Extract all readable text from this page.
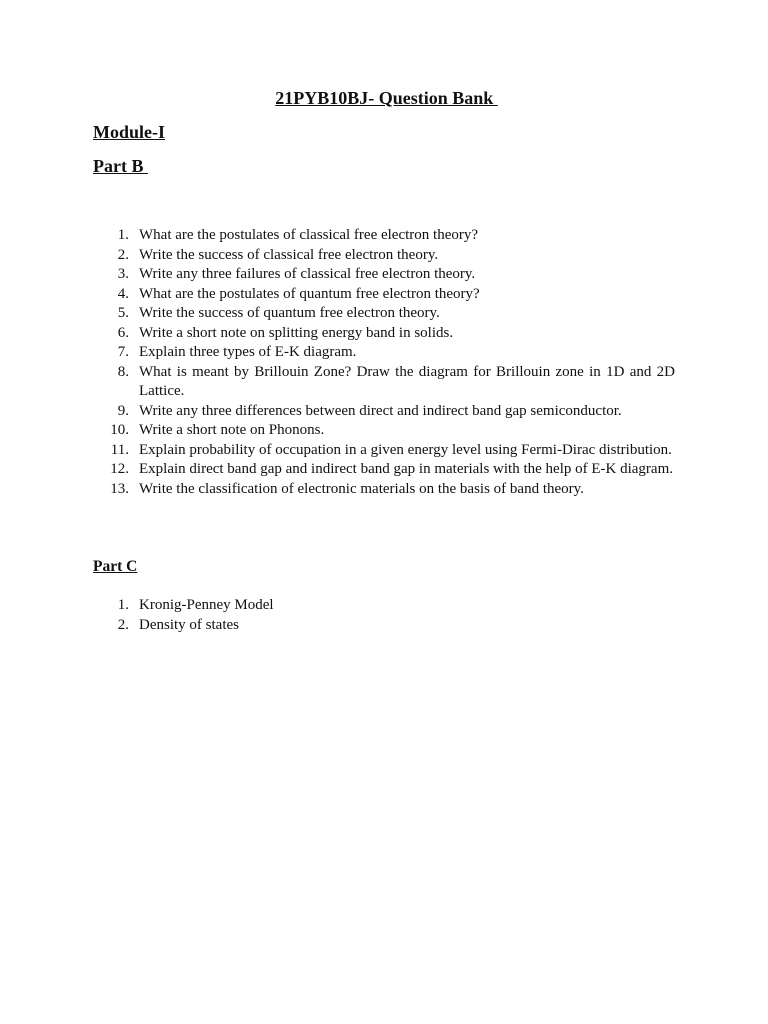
21PYB10BJ- Question Bank
Module-I
Part B
1. What are the postulates of classical free electron theory?
2. Write the success of classical free electron theory.
3. Write any three failures of classical free electron theory.
4. What are the postulates of quantum free electron theory?
5. Write the success of quantum free electron theory.
6. Write a short note on splitting energy band in solids.
7. Explain three types of E-K diagram.
8. What is meant by Brillouin Zone? Draw the diagram for Brillouin zone in 1D and 2D Lattice.
9. Write any three differences between direct and indirect band gap semiconductor.
10. Write a short note on Phonons.
11. Explain probability of occupation in a given energy level using Fermi-Dirac distribution.
12. Explain direct band gap and indirect band gap in materials with the help of E-K diagram.
13. Write the classification of electronic materials on the basis of band theory.
Part C
1. Kronig-Penney Model
2. Density of states
